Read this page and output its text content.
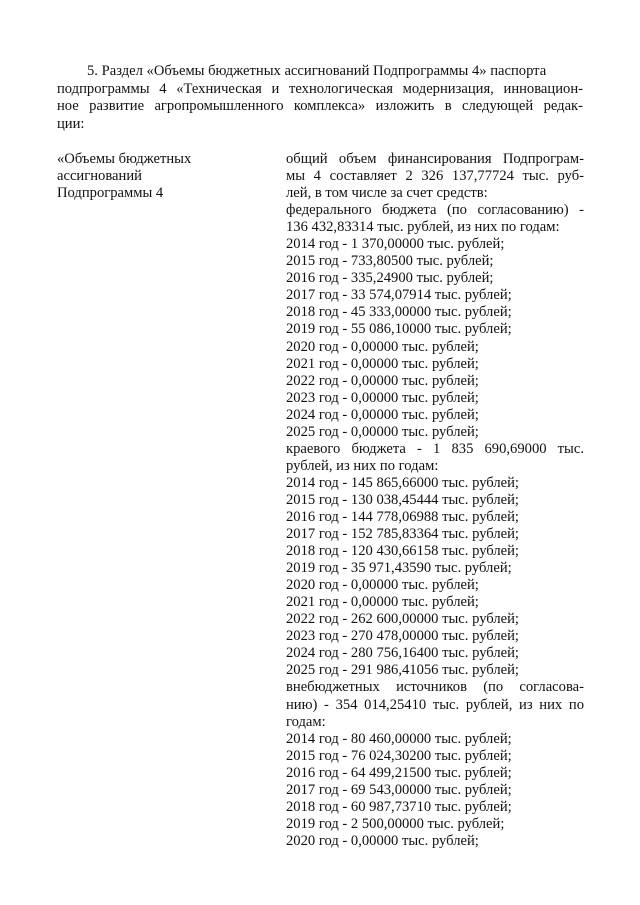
5. Раздел «Объемы бюджетных ассигнований Подпрограммы 4» паспорта

подпрограммы 4 «Техническая и технологическая модернизация, инновацион-

ное развитие агропромышленного комплекса» изложить в следующей редак-

ции:

«Объемы бюджетных
ассигнований
Подпрограммы 4
общий объем финансирования Подпрограм-
мы 4 составляет 2 326 137,77724 тыс. руб-
лей, в том числе за счет средств:
федерального бюджета (по согласованию) -
136 432,83314 тыс. рублей, из них по годам:
2014 год - 1 370,00000 тыс. рублей;
2015 год - 733,80500 тыс. рублей;
2016 год - 335,24900 тыс. рублей;
2017 год - 33 574,07914 тыс. рублей;
2018 год - 45 333,00000 тыс. рублей;
2019 год - 55 086,10000 тыс. рублей;
2020 год - 0,00000 тыс. рублей;
2021 год - 0,00000 тыс. рублей;
2022 год - 0,00000 тыс. рублей;
2023 год - 0,00000 тыс. рублей;
2024 год - 0,00000 тыс. рублей;
2025 год - 0,00000 тыс. рублей;
краевого бюджета - 1 835 690,69000 тыс.
рублей, из них по годам:
2014 год - 145 865,66000 тыс. рублей;
2015 год - 130 038,45444 тыс. рублей;
2016 год - 144 778,06988 тыс. рублей;
2017 год - 152 785,83364 тыс. рублей;
2018 год - 120 430,66158 тыс. рублей;
2019 год - 35 971,43590 тыс. рублей;
2020 год - 0,00000 тыс. рублей;
2021 год - 0,00000 тыс. рублей;
2022 год - 262 600,00000 тыс. рублей;
2023 год - 270 478,00000 тыс. рублей;
2024 год - 280 756,16400 тыс. рублей;
2025 год - 291 986,41056 тыс. рублей;
внебюджетных источников (по согласова-
нию) - 354 014,25410 тыс. рублей, из них по
годам:
2014 год - 80 460,00000 тыс. рублей;
2015 год - 76 024,30200 тыс. рублей;
2016 год - 64 499,21500 тыс. рублей;
2017 год - 69 543,00000 тыс. рублей;
2018 год - 60 987,73710 тыс. рублей;
2019 год - 2 500,00000 тыс. рублей;
2020 год - 0,00000 тыс. рублей;
